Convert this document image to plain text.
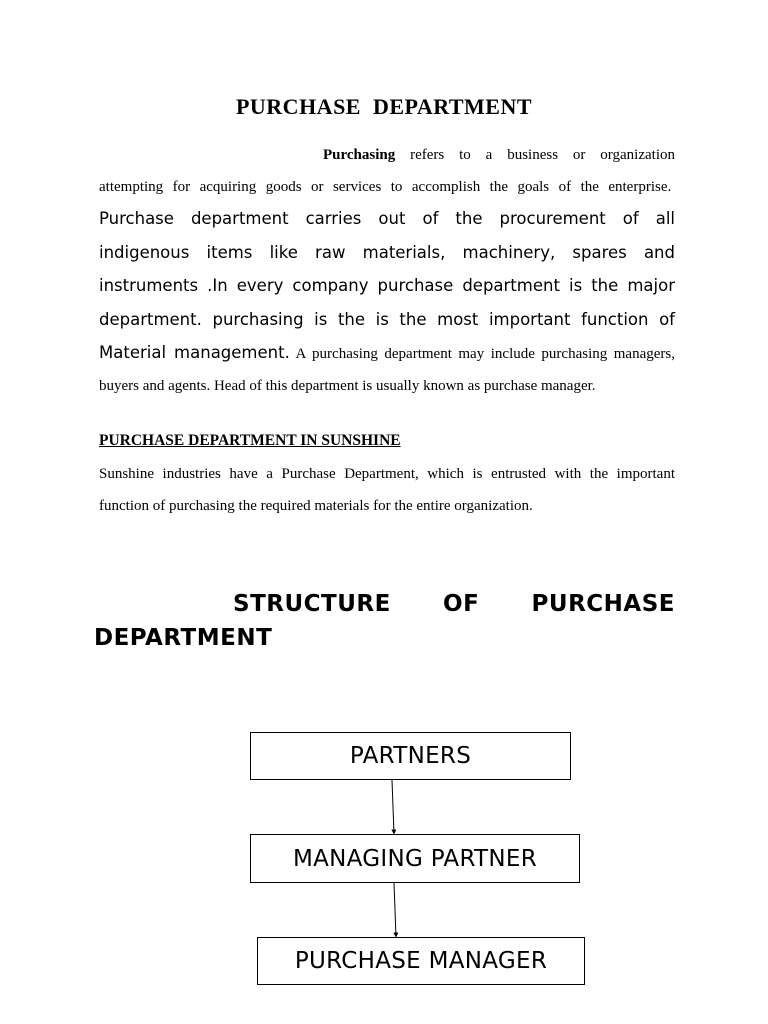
PURCHASE DEPARTMENT

Purchasing refers to a business or organization attempting for acquiring goods or services to accomplish the goals of the enterprise.  Purchase department carries out of the procurement of all indigenous items like raw materials, machinery, spares and instruments .In every company purchase department is the major department. purchasing is the is the most important function of Material management. A purchasing department may include purchasing managers, buyers and agents. Head of this department is usually known as purchase manager.

PURCHASE DEPARTMENT IN SUNSHINE

Sunshine industries have a Purchase Department, which is entrusted with the important function of purchasing the required materials for the entire organization.

STRUCTURE OF PURCHASE
DEPARTMENT
PARTNERS
MANAGING PARTNER
PURCHASE MANAGER
